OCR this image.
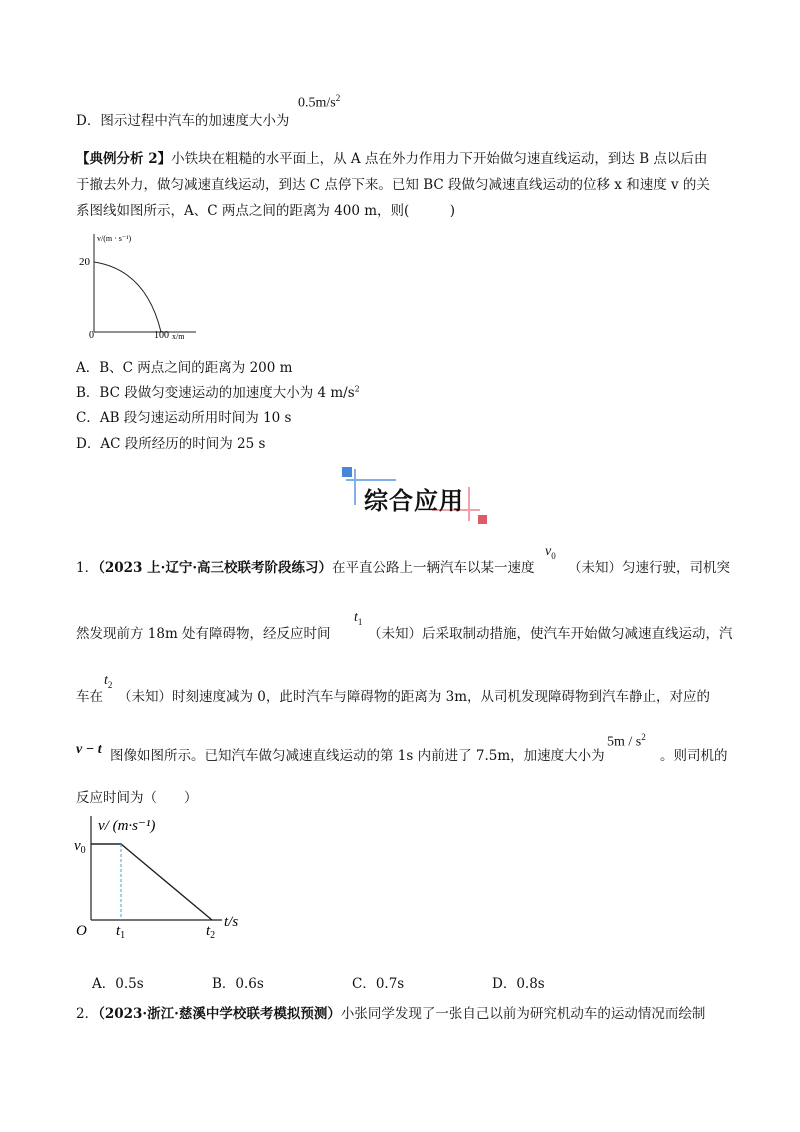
D．图示过程中汽车的加速度大小为
$0.5m/s^2$
【典例分析 2】小铁块在粗糙的水平面上，从 A 点在外力作用力下开始做匀速直线运动，到达 B 点以后由
于撤去外力，做匀减速直线运动，到达 C 点停下来。已知 BC 段做匀减速直线运动的位移 x 和速度 v 的关
系图线如图所示，A、C 两点之间的距离为 400 m，则(　　　)
v/(m · s⁻¹)
20
0	100 x/m
A．B、C 两点之间的距离为 200 m
B．BC 段做匀变速运动的加速度大小为 4 $m/s^2$
C．AB 段匀速运动所用时间为 10 s
D．AC 段所经历的时间为 25 s
综合应用
1．（2023 上·辽宁·高三校联考阶段练习）在平直公路上一辆汽车以某一速度
$v_0$
（未知）匀速行驶，司机突
然发现前方 18m 处有障碍物，经反应时间
$t_1$
（未知）后采取制动措施，使汽车开始做匀减速直线运动，汽
车在
$t_2$
（未知）时刻速度减为 0，此时汽车与障碍物的距离为 3m，从司机发现障碍物到汽车静止，对应的
v − t 图像如图所示。已知汽车做匀减速直线运动的第 1s 内前进了 7.5m，加速度大小为
$5m / s^2$
。则司机的
反应时间为（　　）
v/ (m·s⁻¹)
$v_0$
O $t_1$	$t_2$
t/s
A．0.5s	B．0.6s	C．0.7s	D．0.8s
2．（2023·浙江·慈溪中学校联考模拟预测）小张同学发现了一张自己以前为研究机动车的运动情况而绘制
